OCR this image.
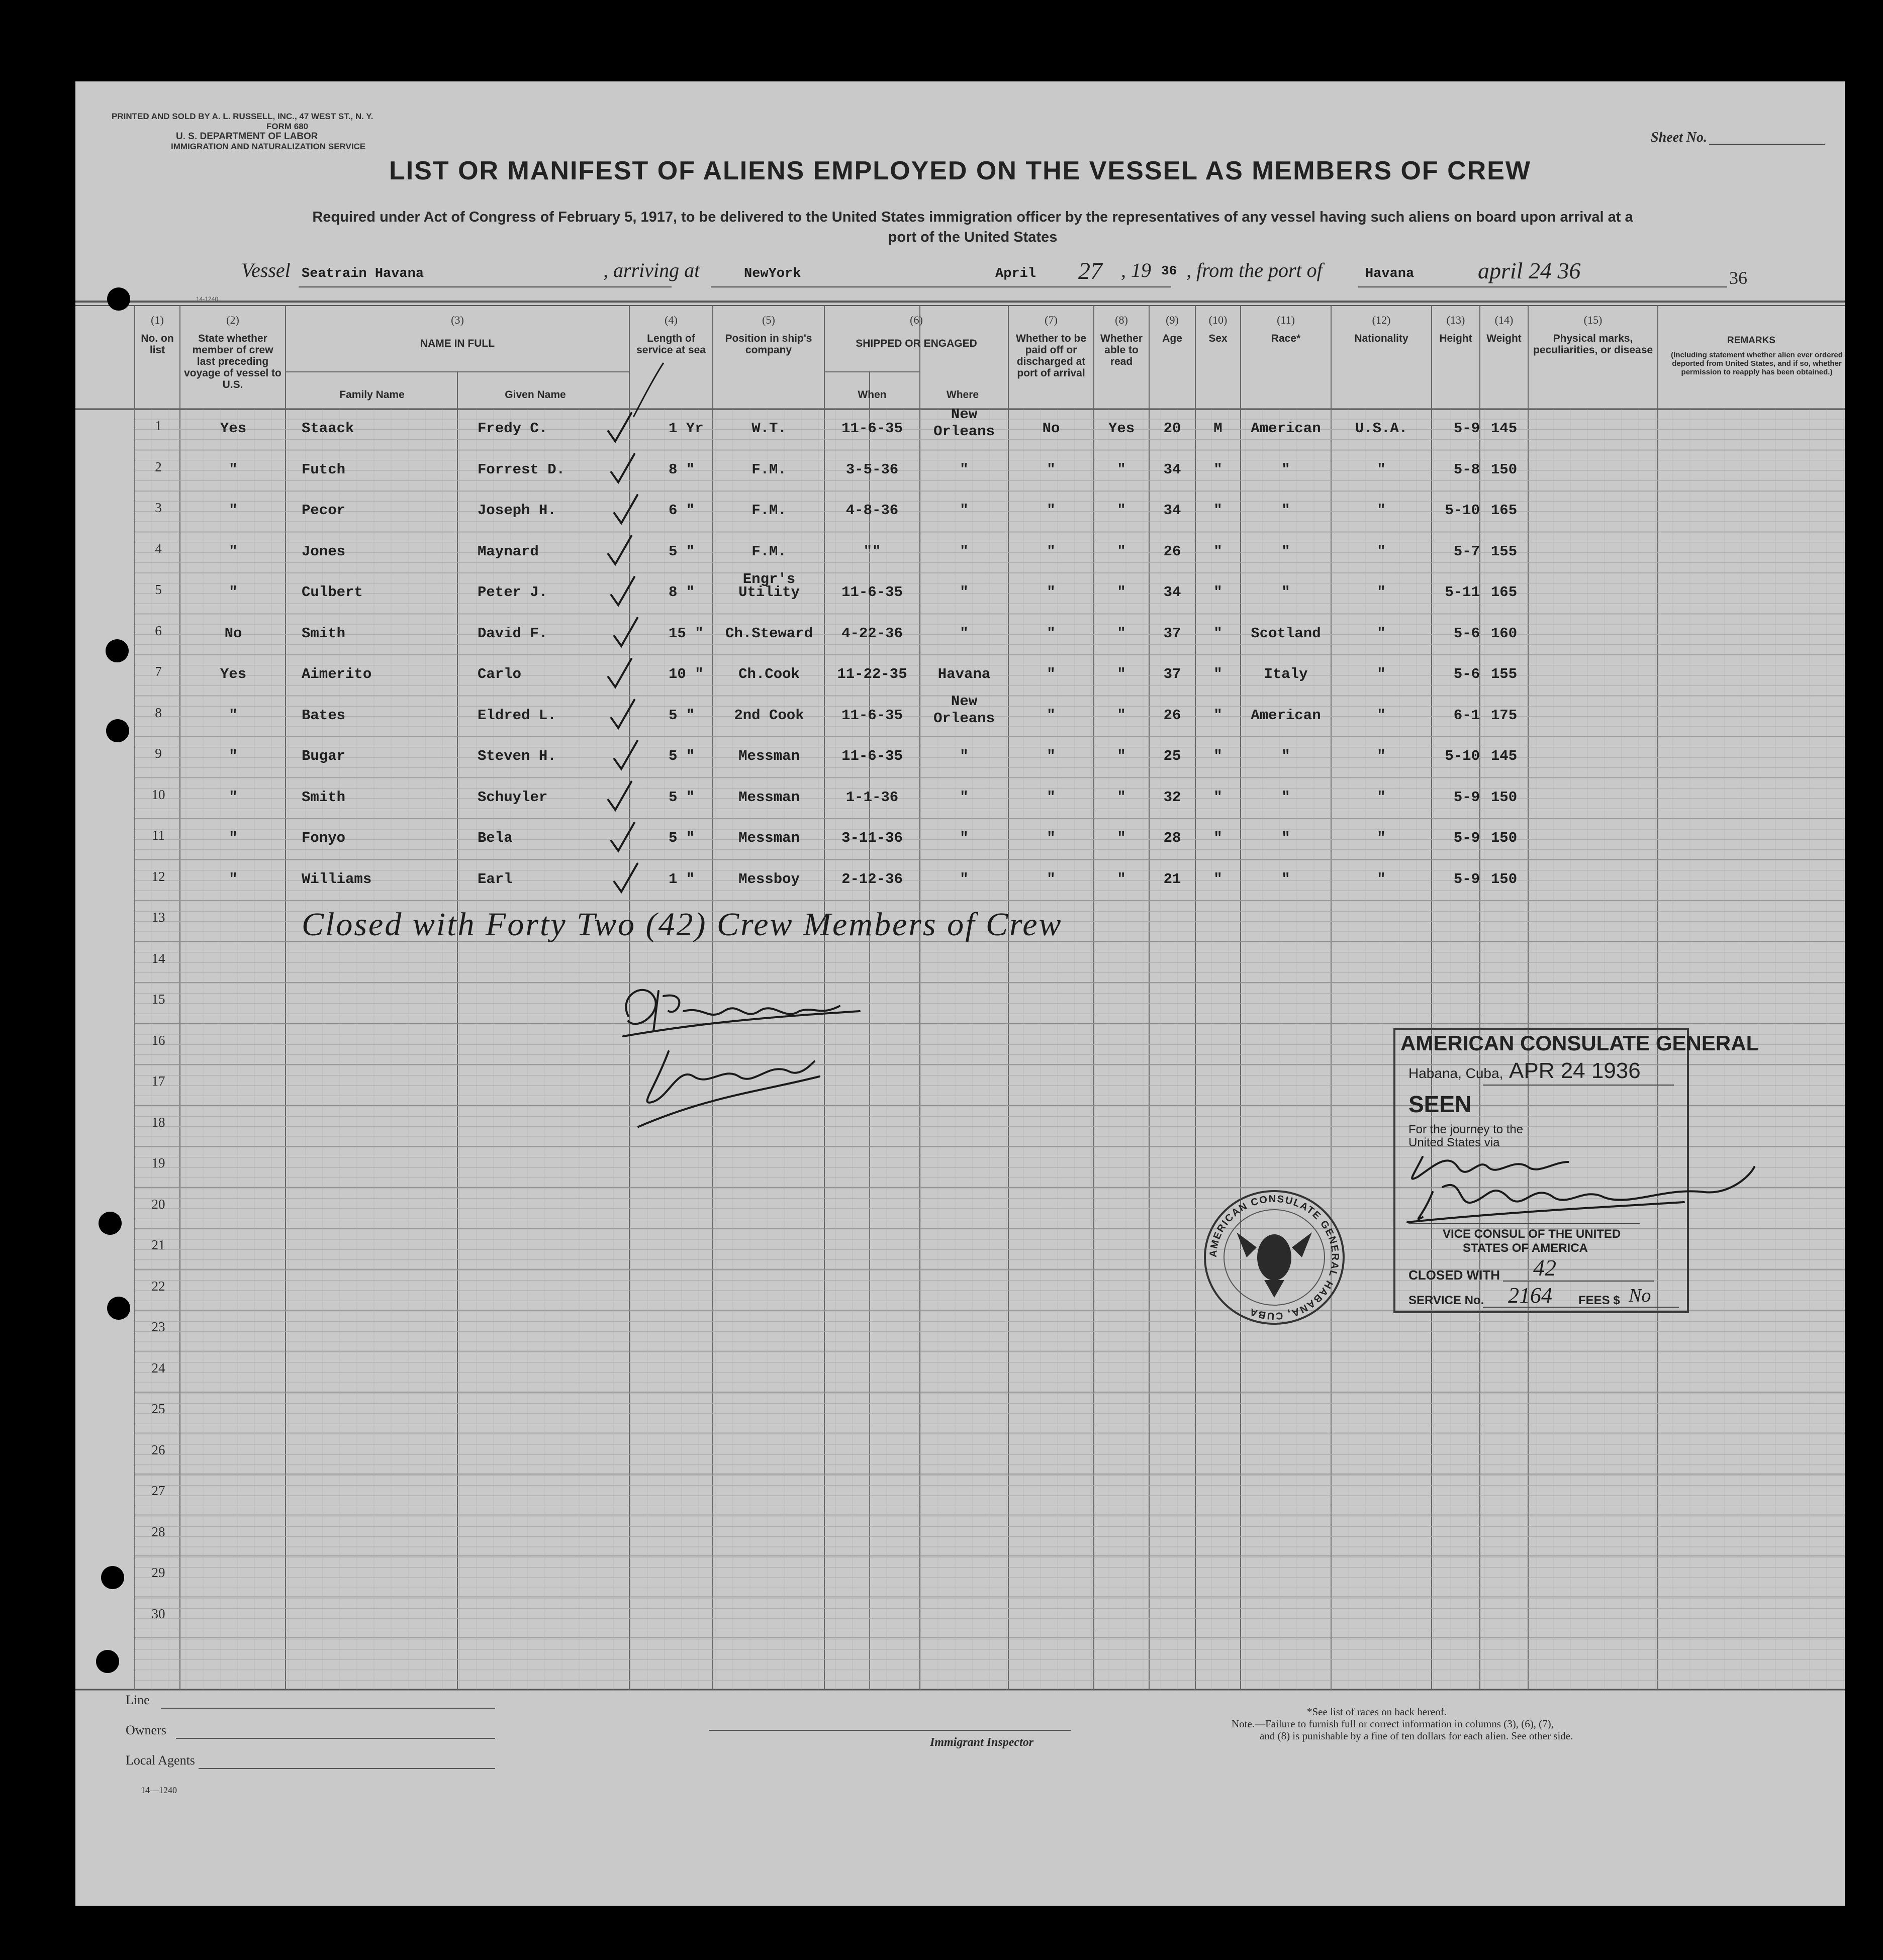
PRINTED AND SOLD BY A. L. RUSSELL, INC., 47 WEST ST., N. Y.
FORM 680
U. S. DEPARTMENT OF LABOR
IMMIGRATION AND NATURALIZATION SERVICE
Sheet No.
LIST OR MANIFEST OF ALIENS EMPLOYED ON THE VESSEL AS MEMBERS OF CREW
Required under Act of Congress of February 5, 1917, to be delivered to the United States immigration officer by the representatives of any vessel having such aliens on board upon arrival at a
port of the United States
Vessel Seatrain Havana	, arriving at	NewYork	April 27 , 19 36 , from the port of	Havana	april 24 36	36
14-1240
(1)
No. on list
(2)
State whether member of crew last preceding voyage of vessel to U.S.
(3)
NAME IN FULL
(4)
Length of service at sea
(5)
Position in ship's company
(6)
SHIPPED OR ENGAGED
(7)
Whether to be paid off or discharged at port of arrival
(8)
Whether able to read
(9)
Age
(10)
Sex
(11)
Race*
(12)
Nationality
(13)
Height
(14)
Weight
(15)
Physical marks, peculiarities, or disease
REMARKS
Family Name	Given Name	When	Where
(Including statement whether alien ever ordered deported from United States, and if so, whether permission to reapply has been obtained.)
1	Yes	Staack	Fredy C.	1 Yr	W.T.	11-6-35
New Orleans	No	Yes	20	M	American	U.S.A.	5-9 145
2	"	Futch	Forrest D.	8 "	F.M.	3-5-36	"	"	"	34	"	"	"	5-8 150
3	"	Pecor	Joseph H.	6 "	F.M.	4-8-36	"	"	"	34	"	"	"	5-10 165
4	"	Jones	Maynard	5 "	F.M.	""	"	"	"	26	"	"	"	5-7 155
5	"	Culbert	Peter J.	8 "	Utility	11-6-35	"	"	"	34	"	"	"	5-11 165
Engr's
6	No	Smith	David F.	15 "	Ch.Steward	4-22-36	"	"	"	37	"	Scotland	"	5-6 160
7	Yes	Aimerito	Carlo	10 "	Ch.Cook	11-22-35	Havana	"	"	37	"	Italy	"	5-6 155
8	"	Bates	Eldred L.	5 "	2nd Cook	11-6-35
New Orleans	"	"	26	"	American	"	6-1 175
9	"	Bugar	Steven H.	5 "	Messman	11-6-35	"	"	"	25	"	"	"	5-10 145
10	"	Smith	Schuyler	5 "	Messman	1-1-36	"	"	"	32	"	"	"	5-9 150
11	"	Fonyo	Bela	5 "	Messman	3-11-36	"	"	"	28	"	"	"	5-9 150
12	"	Williams	Earl	1 "	Messboy	2-12-36	"	"	"	21	"	"	"	5-9 150
13
14
15
16
17
18
19
20
21
22
23
24
25
26
27
28
29
30
Closed with Forty Two (42) Crew Members of Crew
AMERICAN CONSULATE GENERAL
Habana, Cuba, APR 24 1936
SEEN
For the journey to the
United States via
VICE CONSUL OF THE UNITED
STATES OF AMERICA
CLOSED WITH 42
SERVICE No. 2164 FEES $ No
AMERICAN CONSULATE GENERAL HABANA, CUBA
Line
Owners
Local Agents
14—1240
Immigrant Inspector
*See list of races on back hereof.
Note.—Failure to furnish full or correct information in columns (3), (6), (7),
and (8) is punishable by a fine of ten dollars for each alien. See other side.
